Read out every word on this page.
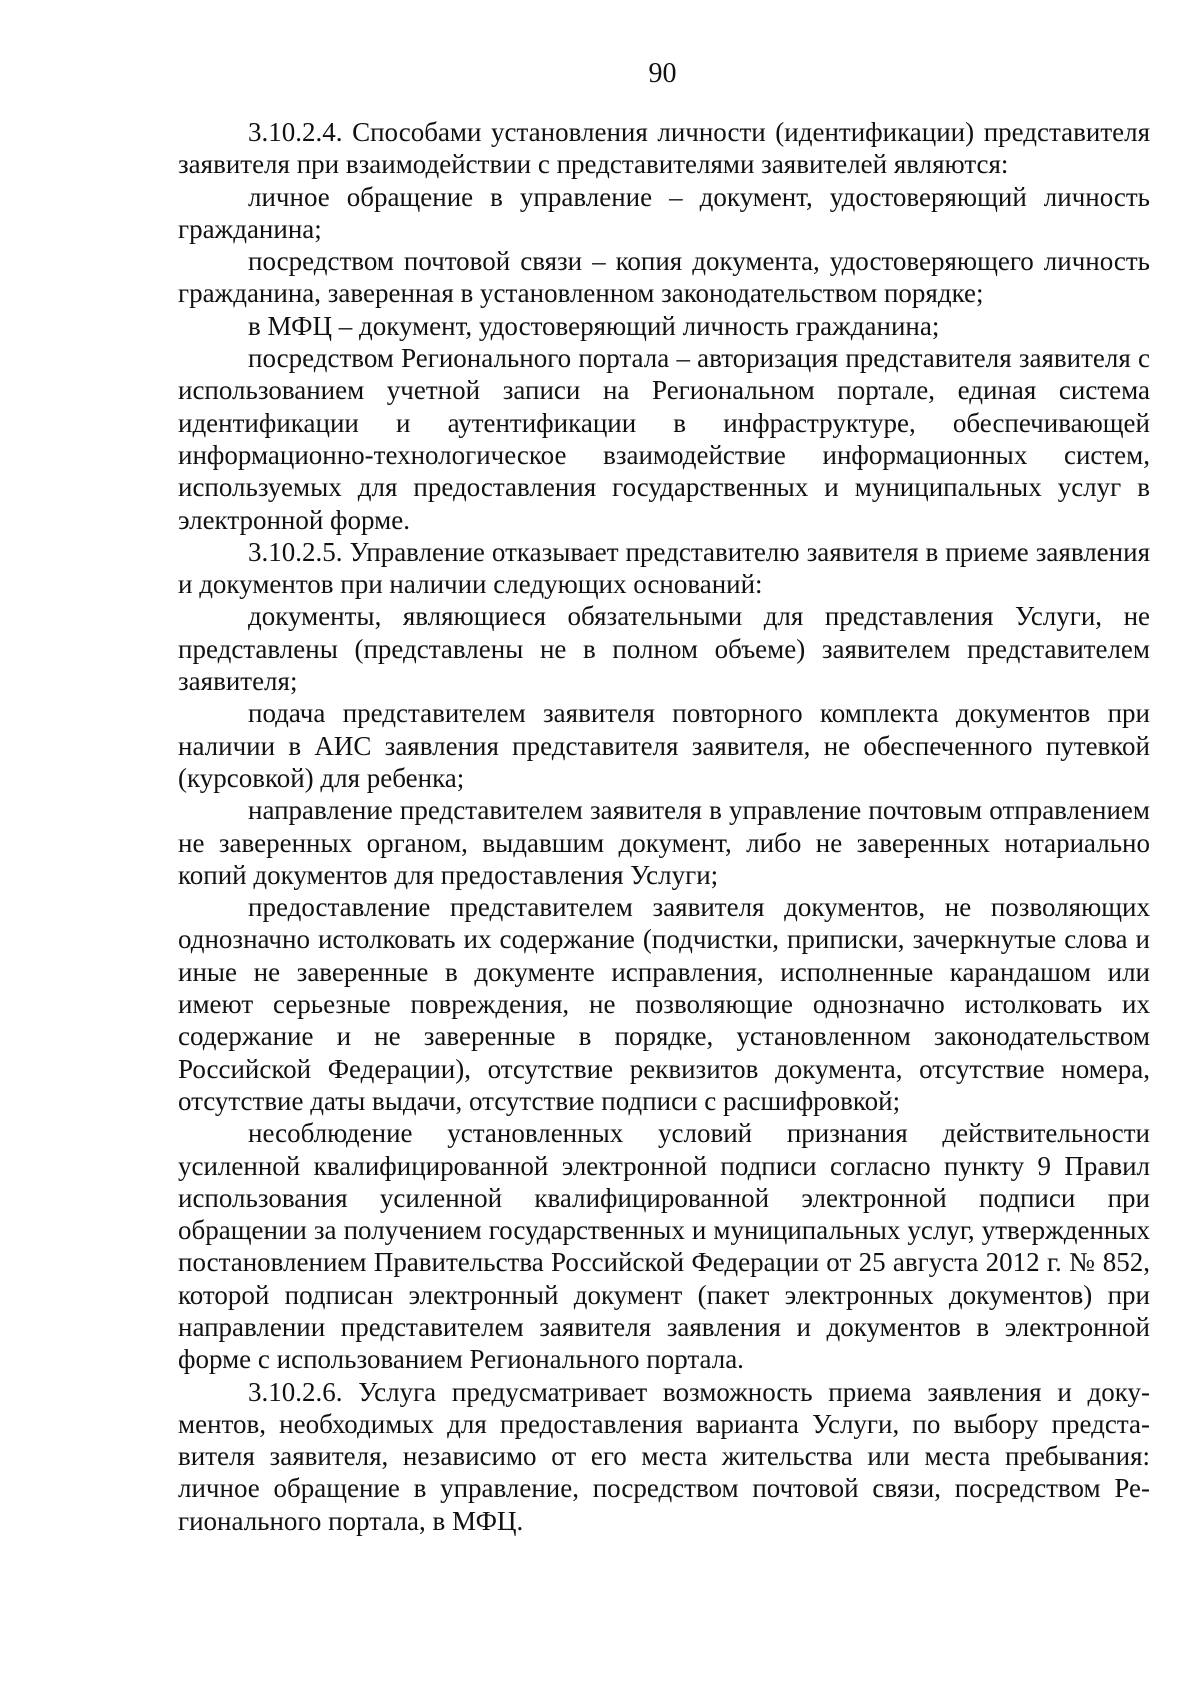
90

3.10.2.4. Способами установления личности (идентификации) представителя заявителя при взаимодействии с представителями заявителей являются:

личное обращение в управление – документ, удостоверяющий личность гражданина;

посредством почтовой связи – копия документа, удостоверяющего личность гражданина, заверенная в установленном законодательством порядке;

в МФЦ – документ, удостоверяющий личность гражданина;

посредством Регионального портала – авторизация представителя заявителя с использованием учетной записи на Региональном портале, единая система идентификации и аутентификации в инфраструктуре, обеспечивающей информационно-технологическое взаимодействие информационных систем, используемых для предоставления государственных и муниципальных услуг в электронной форме.

3.10.2.5. Управление отказывает представителю заявителя в приеме заявления и документов при наличии следующих оснований:

документы, являющиеся обязательными для представления Услуги, не представлены (представлены не в полном объеме) заявителем представителем заявителя;

подача представителем заявителя повторного комплекта документов при наличии в АИС заявления представителя заявителя, не обеспеченного путевкой (курсовкой) для ребенка;

направление представителем заявителя в управление почтовым отправлением не заверенных органом, выдавшим документ, либо не заверенных нотариально копий документов для предоставления Услуги;

предоставление представителем заявителя документов, не позволяющих однозначно истолковать их содержание (подчистки, приписки, зачеркнутые слова и иные не заверенные в документе исправления, исполненные карандашом или имеют серьезные повреждения, не позволяющие однозначно истолковать их содержание и не заверенные в порядке, установленном законодательством Российской Федерации), отсутствие реквизитов документа, отсутствие номера, отсутствие даты выдачи, отсутствие подписи с расшифровкой;

несоблюдение установленных условий признания действительности усиленной квалифицированной электронной подписи согласно пункту 9 Правил использования усиленной квалифицированной электронной подписи при обращении за получением государственных и муниципальных услуг, утвержденных постановлением Правительства Российской Федерации от 25 августа 2012 г. № 852, которой подписан электронный документ (пакет электронных документов) при направлении представителем заявителя заявления и документов в электронной форме с использованием Регионального портала.

3.10.2.6. Услуга предусматривает возможность приема заявления и документов, необходимых для предоставления варианта Услуги, по выбору представителя заявителя, независимо от его места жительства или места пребывания: личное обращение в управление, посредством почтовой связи, посредством Регионального портала, в МФЦ.
